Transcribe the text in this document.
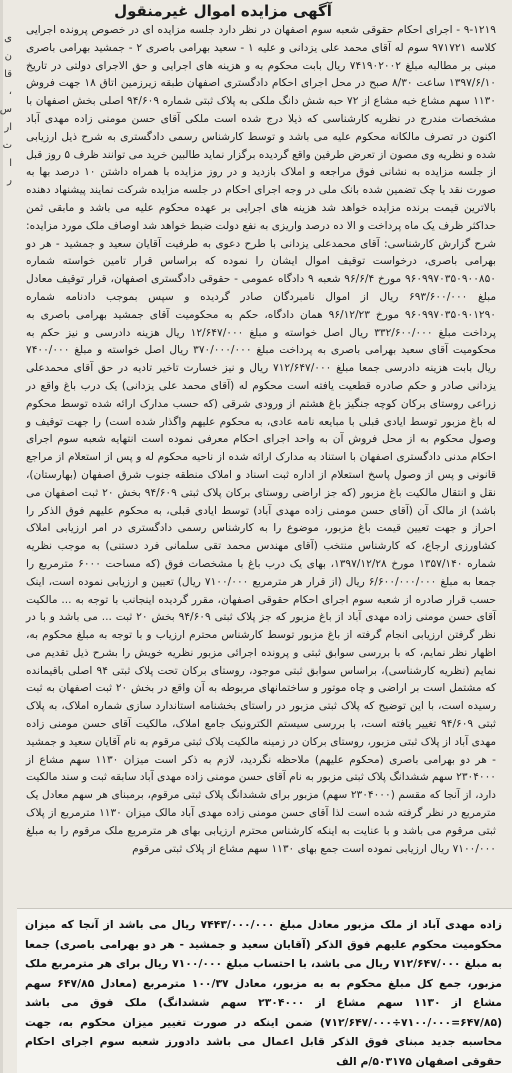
ی
ن
قا
،
س
ار
ت
ا
ر
آگهی مزایده اموال غیرمنقول

۹-۱۲۱۹ - اجرای احکام حقوقی شعبه سوم اصفهان در نظر دارد جلسه مزایده ای در خصوص پرونده اجرایی کلاسه ۹۷۱۷۲۱ سوم له آقای محمد علی یزدانی و علیه ۱ - سعید بهرامی باصری ۲ - جمشید بهرامی باصری مبنی بر مطالبه مبلغ ۷۴۱۹۰۲۰۰۲ ریال بابت محکوم به و هزینه های اجرایی و حق الاجرای دولتی در تاریخ ۱۳۹۷/۶/۱۰ ساعت ۸/۳۰ صبح در محل اجرای احکام دادگستری اصفهان طبقه زیرزمین اتاق ۱۸ جهت فروش ۱۱۳۰ سهم مشاع خبه مشاع از ۷۲ حبه شش دانگ ملکی به پلاک ثبتی شماره ۹۴/۶۰۹ اصلی بخش اصفهان با مشخصات مندرج در نظریه کارشناسی که ذیلا درج شده است ملکی آقای حسن مومنی زاده مهدی آباد اکنون در تصرف مالکانه محکوم علیه می باشد و توسط کارشناس رسمی دادگستری به شرح ذیل ارزیابی شده و نظریه وی مصون از تعرض طرفین واقع گردیده برگزار نماید طالبین خرید می توانند ظرف ۵ روز قبل از جلسه مزایده به نشانی فوق مراجعه و املاک بازدید و در روز مزایده با همراه داشتن ۱۰ درصد بها به صورت نقد یا چک تضمین شده بانک ملی در وجه اجرای احکام در جلسه مزایده شرکت نمایند پیشنهاد دهنده بالاترین قیمت برنده مزایده خواهد شد هزینه های اجرایی بر عهده محکوم علیه می باشد و مابقی ثمن حداکثر ظرف یک ماه پرداخت و الا ده درصد واریزی به نفع دولت ضبط خواهد شد اوصاف ملک مورد مزایده: شرح گزارش کارشناسی: آقای محمدعلی یزدانی با طرح دعوی به طرفیت آقایان سعید و جمشید - هر دو بهرامی باصری، درخواست توقیف اموال ایشان را نموده که براساس قرار تامین خواسته شماره ۹۶۰۹۹۷۰۳۵۰۹۰۰۸۵۰ مورخ ۹۶/۶/۴ شعبه ۹ دادگاه عمومی - حقوقی دادگستری اصفهان، قرار توقیف معادل مبلغ ۶۹۳/۶۰۰/۰۰۰ ریال از اموال نامبردگان صادر گردیده و سپس بموجب دادنامه شماره ۹۶۰۹۹۷۰۳۵۰۹۰۱۲۹۰ مورخ ۹۶/۱۲/۲۳ همان دادگاه، حکم به محکومیت آقای جمشید بهرامی باصری به پرداخت مبلغ ۳۳۲/۶۰۰/۰۰۰ ریال اصل خواسته و مبلغ ۱۲/۶۴۷/۰۰۰ ریال هزینه دادرسی و نیز حکم به محکومیت آقای سعید بهرامی باصری به پرداخت مبلغ ۳۷۰/۰۰۰/۰۰۰ ریال اصل خواسته و مبلغ ۷۴۰۰/۰۰۰ ریال بابت هزینه دادرسی جمعا مبلغ ۷۱۲/۶۴۷/۰۰۰ ریال و نیز خسارت تاخیر تادیه در حق آقای محمدعلی یزدانی صادر و حکم صادره قطعیت یافته است محکوم له (آقای محمد علی یزدانی) یک درب باغ واقع در زراعی روستای برکان کوچه جنگیز باغ هشتم از ورودی شرقی (که حسب مدارک ارائه شده توسط محکوم له باغ مزبور توسط ایادی قبلی با مبایعه نامه عادی، به محکوم علیهم واگذار شده است) را جهت توقیف و وصول محکوم به از محل فروش آن به واحد اجرای احکام معرفی نموده است انتهایه شعبه سوم اجرای احکام مدنی دادگستری اصفهان با استناد به مدارک ارائه شده از ناحیه محکوم له و پس از استعلام از مراجع قانونی و پس از وصول پاسخ استعلام از اداره ثبت اسناد و املاک منطقه جنوب شرق اصفهان (بهارستان)، نقل و انتقال مالکیت باغ مزبور (که جز اراضی روستای برکان پلاک ثبتی ۹۴/۶۰۹ بخش ۲۰ ثبت اصفهان می باشد) از مالک آن (آقای حسن مومنی زاده مهدی آباد) توسط ایادی قبلی، به محکوم علیهم فوق الذکر را احراز و جهت تعیین قیمت باغ مزبور، موضوع را به کارشناس رسمی دادگستری در امر ارزیابی املاک کشاورزی ارجاع، که کارشناس منتخب (آقای مهندس محمد تقی سلمانی فرد دستنی) به موجب نظریه شماره ۱۳۵۷/۱۴۰ مورخ ۱۳۹۷/۱۲/۲۸، بهای یک درب باغ با مشخصات فوق (که مساحت ۶۰۰۰ مترمربع را جمعا به مبلغ ۶/۶۰۰/۰۰۰/۰۰۰ ریال (از قرار هر مترمربع ۷۱۰۰/۰۰۰ ریال) تعیین و ارزیابی نموده است، اینک حسب قرار صادره از شعبه سوم اجرای احکام حقوقی اصفهان، مقرر گردیده اینجانب با توجه به ... مالکیت آقای حسن مومنی زاده مهدی آباد از باغ مزبور که جز پلاک ثبتی ۹۴/۶۰۹ بخش ۲۰ ثبت ... می باشد و با در نظر گرفتن ارزیابی انجام گرفته از باغ مزبور توسط کارشناس محترم ارزیاب و با توجه به مبلغ محکوم به، اظهار نظر نمایم، که با بررسی سوابق ثبتی و پرونده اجرائی مزبور نظریه خویش را بشرح ذیل تقدیم می نمایم (نظریه کارشناسی)، براساس سوابق ثبتی موجود، روستای برکان تحت پلاک ثبتی ۹۴ اصلی باقیمانده که مشتمل است بر اراضی و چاه موتور و ساختمانهای مربوطه به آن واقع در بخش ۲۰ ثبت اصفهان به ثبت رسیده است، با این توضیح که پلاک ثبتی مزبور در راستای بخشنامه استاندارد سازی شماره املاک، به پلاک ثبتی ۹۴/۶۰۹ تغییر یافته است، با بررسی سیستم الکترونیک جامع املاک، مالکیت آقای حسن مومنی زاده مهدی آباد از پلاک ثبتی مزبور، روستای برکان در زمینه مالکیت پلاک ثبتی مرقوم به نام آقایان سعید و جمشید - هر دو بهرامی باصری (محکوم علیهم) ملاحظه نگردید، لازم به ذکر است میزان ۱۱۳۰ سهم مشاع از ۲۳۰۴۰۰۰ سهم ششدانگ پلاک ثبتی مزبور به نام آقای حسن مومنی زاده مهدی آباد سابقه ثبت و سند مالکیت دارد، از آنجا که مقسم (۲۳۰۴۰۰۰ سهم) مزبور برای ششدانگ پلاک ثبتی مرقوم، برمبنای هر سهم معادل یک مترمربع در نظر گرفته شده است لذا آقای حسن مومنی زاده مهدی آباد مالک میزان ۱۱۳۰ مترمربع از پلاک ثبتی مرقوم می باشد و با عنایت به اینکه کارشناس محترم ارزیابی بهای هر مترمربع ملک مرقوم را به مبلغ ۷۱۰۰/۰۰۰ ریال ارزیابی نموده است جمع بهای ۱۱۳۰ سهم مشاع از پلاک ثبتی مرقوم

زاده مهدی آباد از ملک مزبور معادل مبلغ ۷۴۴۳/۰۰۰/۰۰۰ ریال می باشد از آنجا که میزان محکومیت محکوم علیهم فوق الذکر (آقایان سعید و جمشید - هر دو بهرامی باصری) جمعا به مبلغ ۷۱۲/۶۴۷/۰۰۰ ریال می باشد، با احتساب مبلغ ۷۱۰۰/۰۰۰ ریال برای هر مترمربع ملک مزبور، جمع کل مبلغ محکوم به به مزبور، معادل ۱۰۰/۳۷ مترمربع (معادل ۶۴۷/۸۵ سهم مشاع از ۱۱۳۰ سهم مشاع از ۲۳۰۴۰۰۰ سهم ششدانگ) ملک فوق می باشد (۶۴۷/۸۵=۷۱۰۰/۰۰۰÷۷۱۲/۶۴۷/۰۰۰) ضمن اینکه در صورت تغییر میزان محکوم به، جهت محاسبه جدید مبنای فوق الذکر قابل اعمال می باشد دادورز شعبه سوم اجرای احکام حقوقی اصفهان ۵۰۳۱۷۵/م الف
